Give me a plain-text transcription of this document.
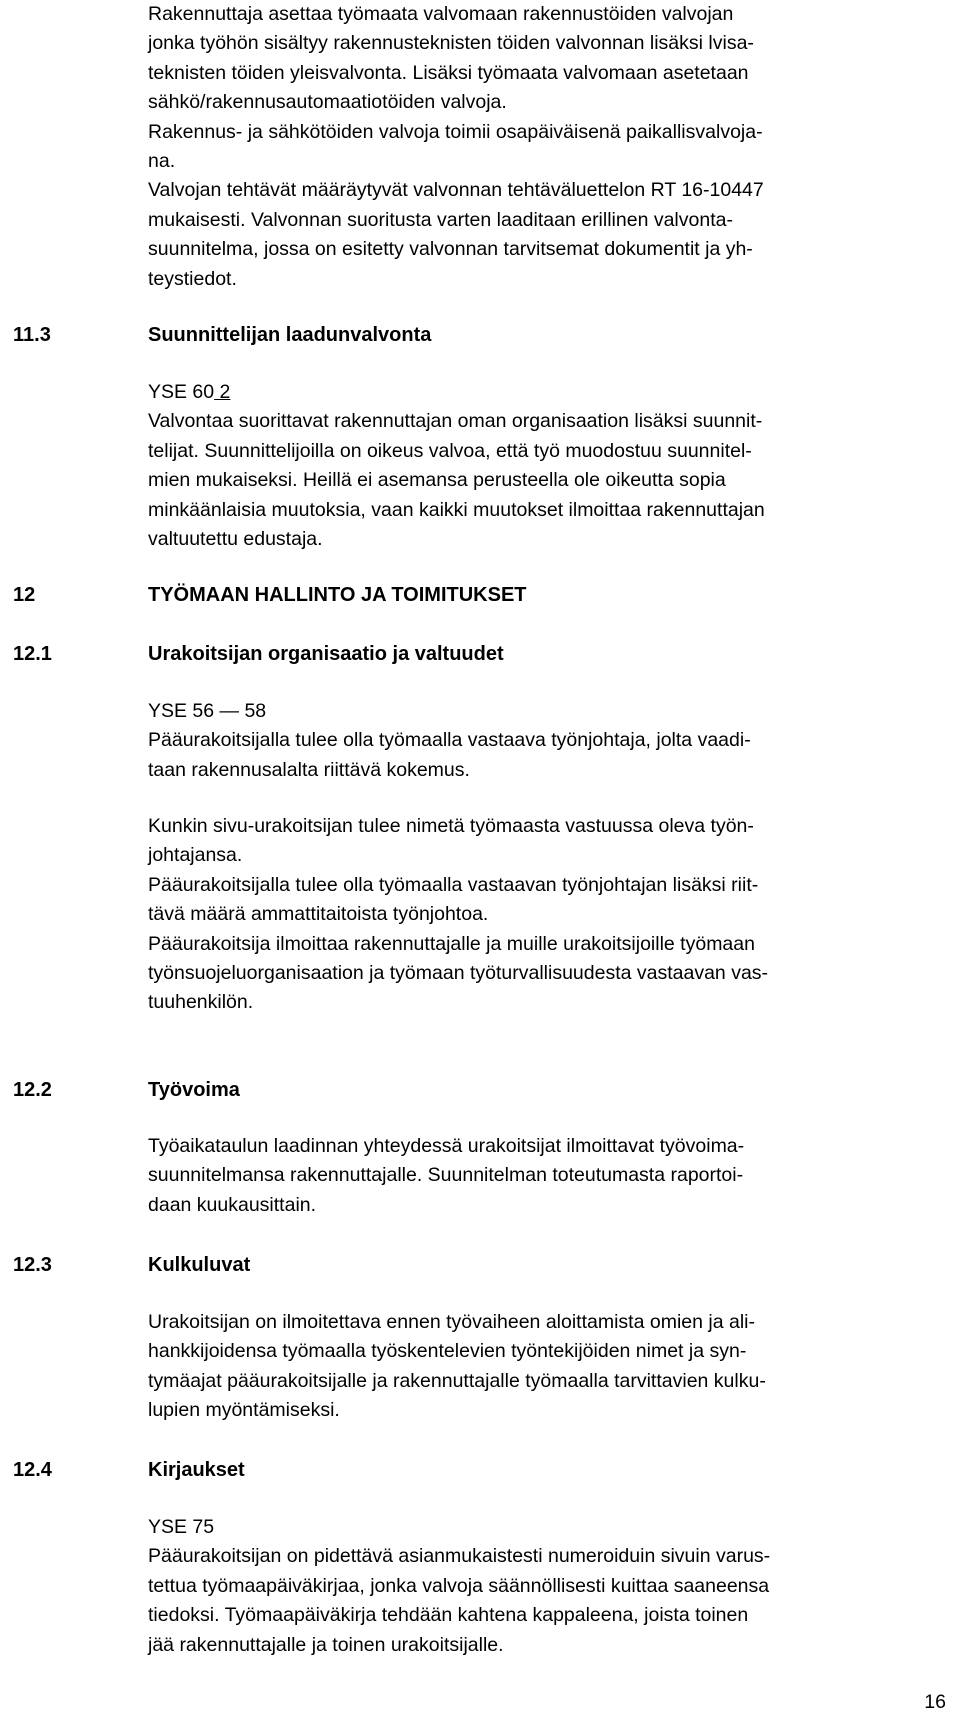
Rakennuttaja asettaa työmaata valvomaan rakennustöiden valvojan
jonka työhön sisältyy rakennusteknisten töiden valvonnan lisäksi lvisa-
teknisten töiden yleisvalvonta. Lisäksi työmaata valvomaan asetetaan
sähkö/rakennusautomaatiotöiden valvoja.
Rakennus- ja sähkötöiden valvoja toimii osapäiväisenä paikallisvalvoja-
na.
Valvojan tehtävät määräytyvät valvonnan tehtäväluettelon RT 16-10447
mukaisesti. Valvonnan suoritusta varten laaditaan erillinen valvonta-
suunnitelma, jossa on esitetty valvonnan tarvitsemat dokumentit ja yh-
teystiedot.
11.3	Suunnittelijan laadunvalvonta
YSE 60 2
Valvontaa suorittavat rakennuttajan oman organisaation lisäksi suunnit-
telijat. Suunnittelijoilla on oikeus valvoa, että työ muodostuu suunnitel-
mien mukaiseksi. Heillä ei asemansa perusteella ole oikeutta sopia
minkäänlaisia muutoksia, vaan kaikki muutokset ilmoittaa rakennuttajan
valtuutettu edustaja.
12	TYÖMAAN HALLINTO JA TOIMITUKSET
12.1	Urakoitsijan organisaatio ja valtuudet
YSE 56 — 58
Pääurakoitsijalla tulee olla työmaalla vastaava työnjohtaja, jolta vaadi-
taan rakennusalalta riittävä kokemus.
Kunkin sivu-urakoitsijan tulee nimetä työmaasta vastuussa oleva työn-
johtajansa.
Pääurakoitsijalla tulee olla työmaalla vastaavan työnjohtajan lisäksi riit-
tävä määrä ammattitaitoista työnjohtoa.
Pääurakoitsija ilmoittaa rakennuttajalle ja muille urakoitsijoille työmaan
työnsuojeluorganisaation ja työmaan työturvallisuudesta vastaavan vas-
tuuhenkilön.
12.2	Työvoima
Työaikataulun laadinnan yhteydessä urakoitsijat ilmoittavat työvoima-
suunnitelmansa rakennuttajalle. Suunnitelman toteutumasta raportoi-
daan kuukausittain.
12.3	Kulkuluvat
Urakoitsijan on ilmoitettava ennen työvaiheen aloittamista omien ja ali-
hankkijoidensa työmaalla työskentelevien työntekijöiden nimet ja syn-
tymäajat pääurakoitsijalle ja rakennuttajalle työmaalla tarvittavien kulku-
lupien myöntämiseksi.
12.4	Kirjaukset
YSE 75
Pääurakoitsijan on pidettävä asianmukaistesti numeroiduin sivuin varus-
tettua työmaapäiväkirjaa, jonka valvoja säännöllisesti kuittaa saaneensa
tiedoksi. Työmaapäiväkirja tehdään kahtena kappaleena, joista toinen
jää rakennuttajalle ja toinen urakoitsijalle.
16
